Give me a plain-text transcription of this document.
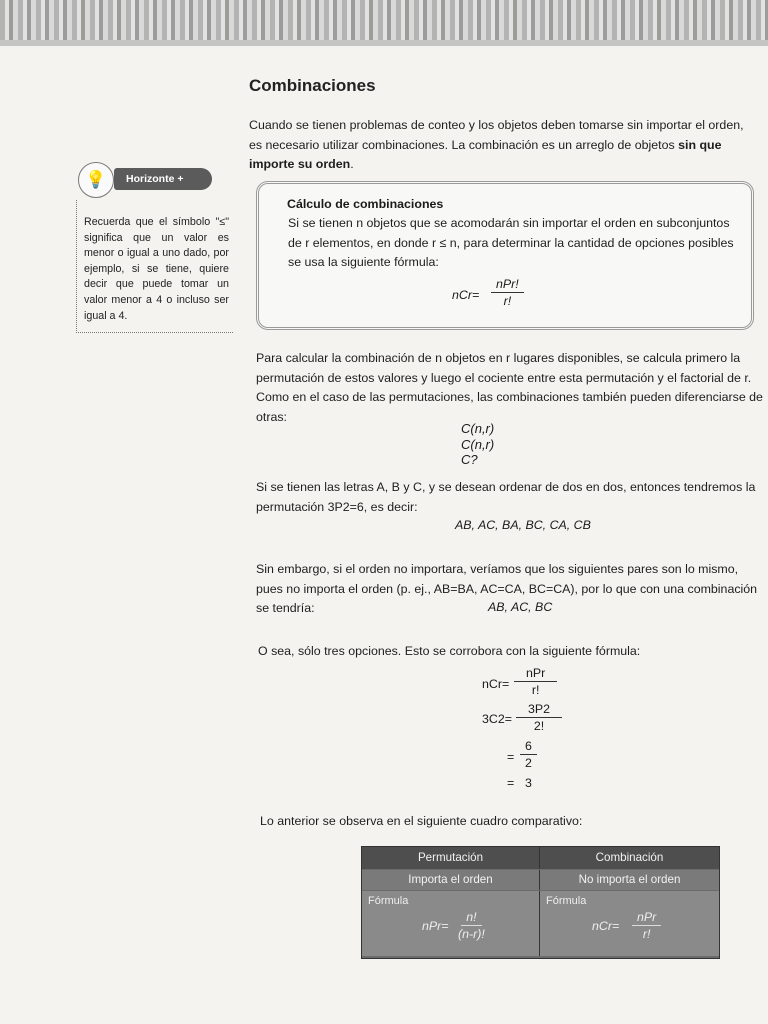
Combinaciones
Cuando se tienen problemas de conteo y los objetos deben tomarse sin importar el orden, es necesario utilizar combinaciones. La combinación es un arreglo de objetos sin que importe su orden.
💡	Horizonte +
Recuerda que el símbolo "≤" significa que un valor es menor o igual a uno dado, por ejemplo, si se tiene, quiere decir que puede tomar un valor menor a 4 o incluso ser igual a 4.
Cálculo de combinaciones
Si se tienen n objetos que se acomodarán sin importar el orden en subconjuntos de r elementos, en donde r ≤ n, para determinar la cantidad de opciones posibles se usa la siguiente fórmula:
nCr=
nPr!
r!
Para calcular la combinación de n objetos en r lugares disponibles, se calcula primero la permutación de estos valores y luego el cociente entre esta permutación y el factorial de r. Como en el caso de las permutaciones, las combinaciones también pueden diferenciarse de otras:
C(n,r)
C(n,r)
C?
Si se tienen las letras A, B y C, y se desean ordenar de dos en dos, entonces tendremos la permutación 3P2=6, es decir:
AB, AC, BA, BC, CA, CB
Sin embargo, si el orden no importara, veríamos que los siguientes pares son lo mismo, pues no importa el orden (p. ej., AB=BA, AC=CA, BC=CA), por lo que con una combinación se tendría:	AB, AC, BC
O sea, sólo tres opciones. Esto se corrobora con la siguiente fórmula:
nCr=
nPr
r!
$3C2= \frac{3P2}{2!}$
= $\frac{6}{2}$
= 3
Lo anterior se observa en el siguiente cuadro comparativo:
Permutación	Combinación
Importa el orden	No importa el orden
Fórmula
$nPr= \frac{n!}{(n-r)!}$
Fórmula
nCr=
nPr
r!
